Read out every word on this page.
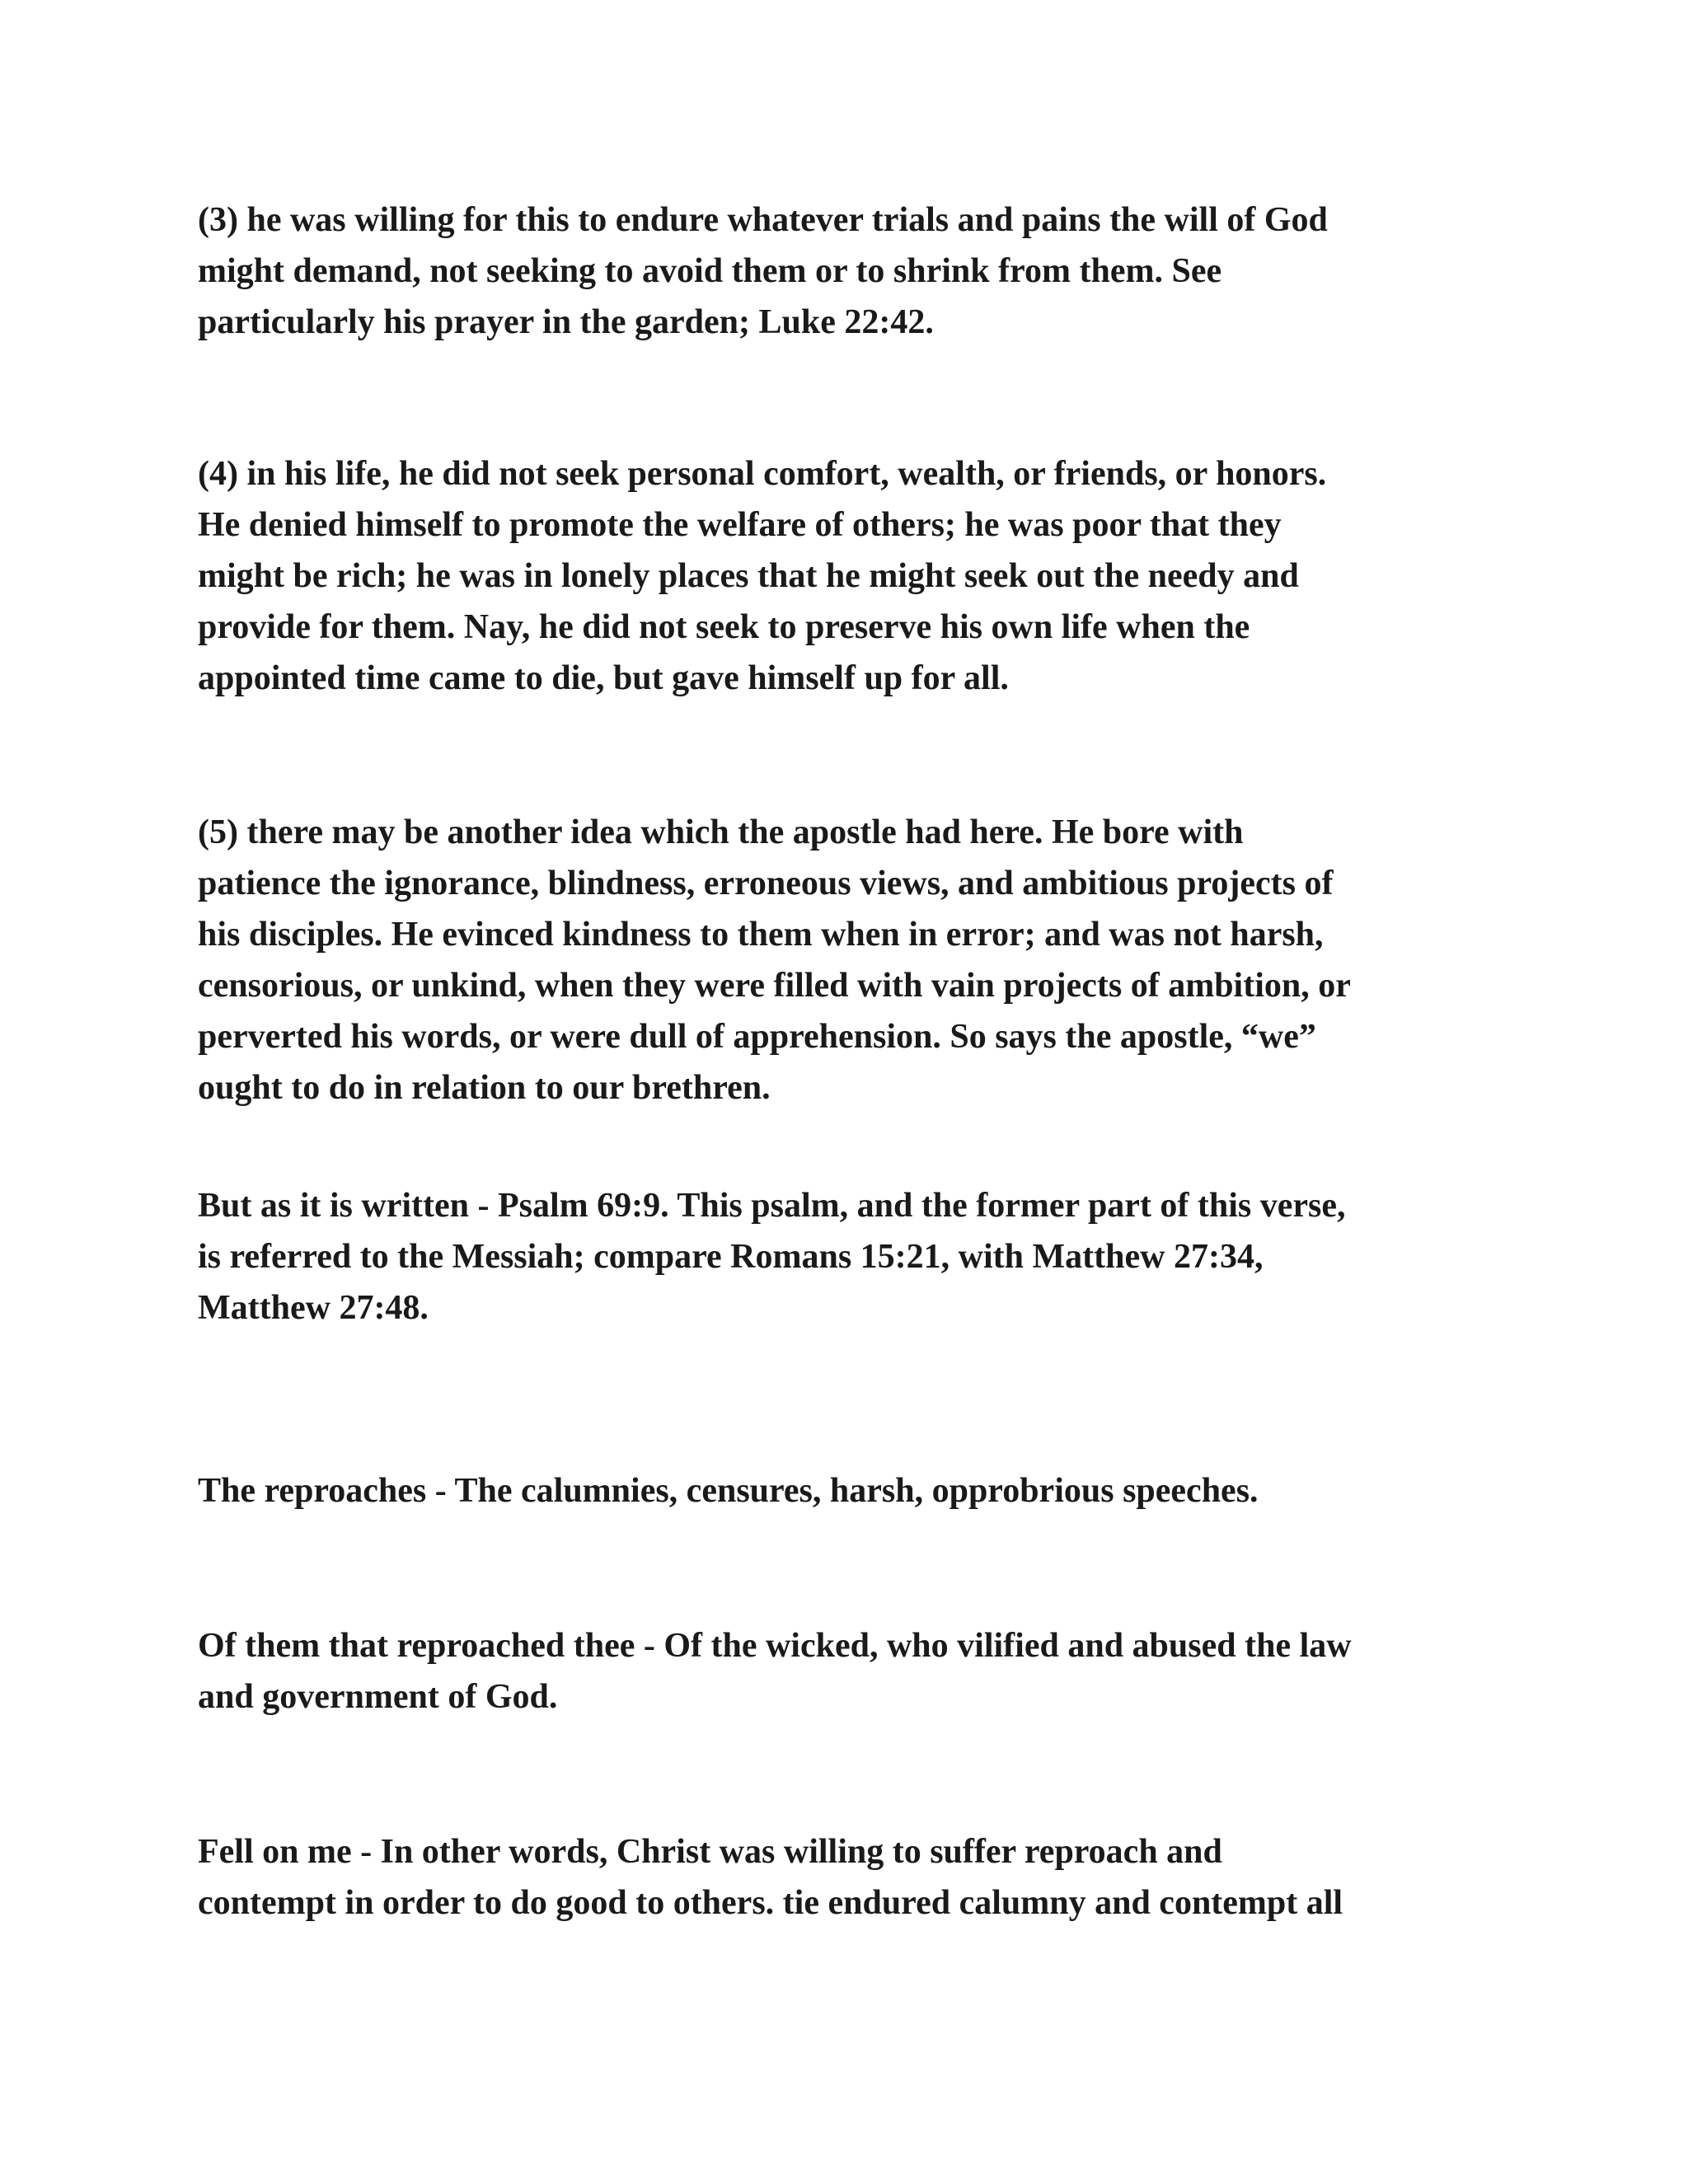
(3) he was willing for this to endure whatever trials and pains the will of God
might demand, not seeking to avoid them or to shrink from them. See
particularly his prayer in the garden; Luke 22:42.

(4) in his life, he did not seek personal comfort, wealth, or friends, or honors.
He denied himself to promote the welfare of others; he was poor that they
might be rich; he was in lonely places that he might seek out the needy and
provide for them. Nay, he did not seek to preserve his own life when the
appointed time came to die, but gave himself up for all.

(5) there may be another idea which the apostle had here. He bore with
patience the ignorance, blindness, erroneous views, and ambitious projects of
his disciples. He evinced kindness to them when in error; and was not harsh,
censorious, or unkind, when they were filled with vain projects of ambition, or
perverted his words, or were dull of apprehension. So says the apostle, “we”
ought to do in relation to our brethren.

But as it is written - Psalm 69:9. This psalm, and the former part of this verse,
is referred to the Messiah; compare Romans 15:21, with Matthew 27:34,
Matthew 27:48.

The reproaches - The calumnies, censures, harsh, opprobrious speeches.

Of them that reproached thee - Of the wicked, who vilified and abused the law
and government of God.

Fell on me - In other words, Christ was willing to suffer reproach and
contempt in order to do good to others. tie endured calumny and contempt all
